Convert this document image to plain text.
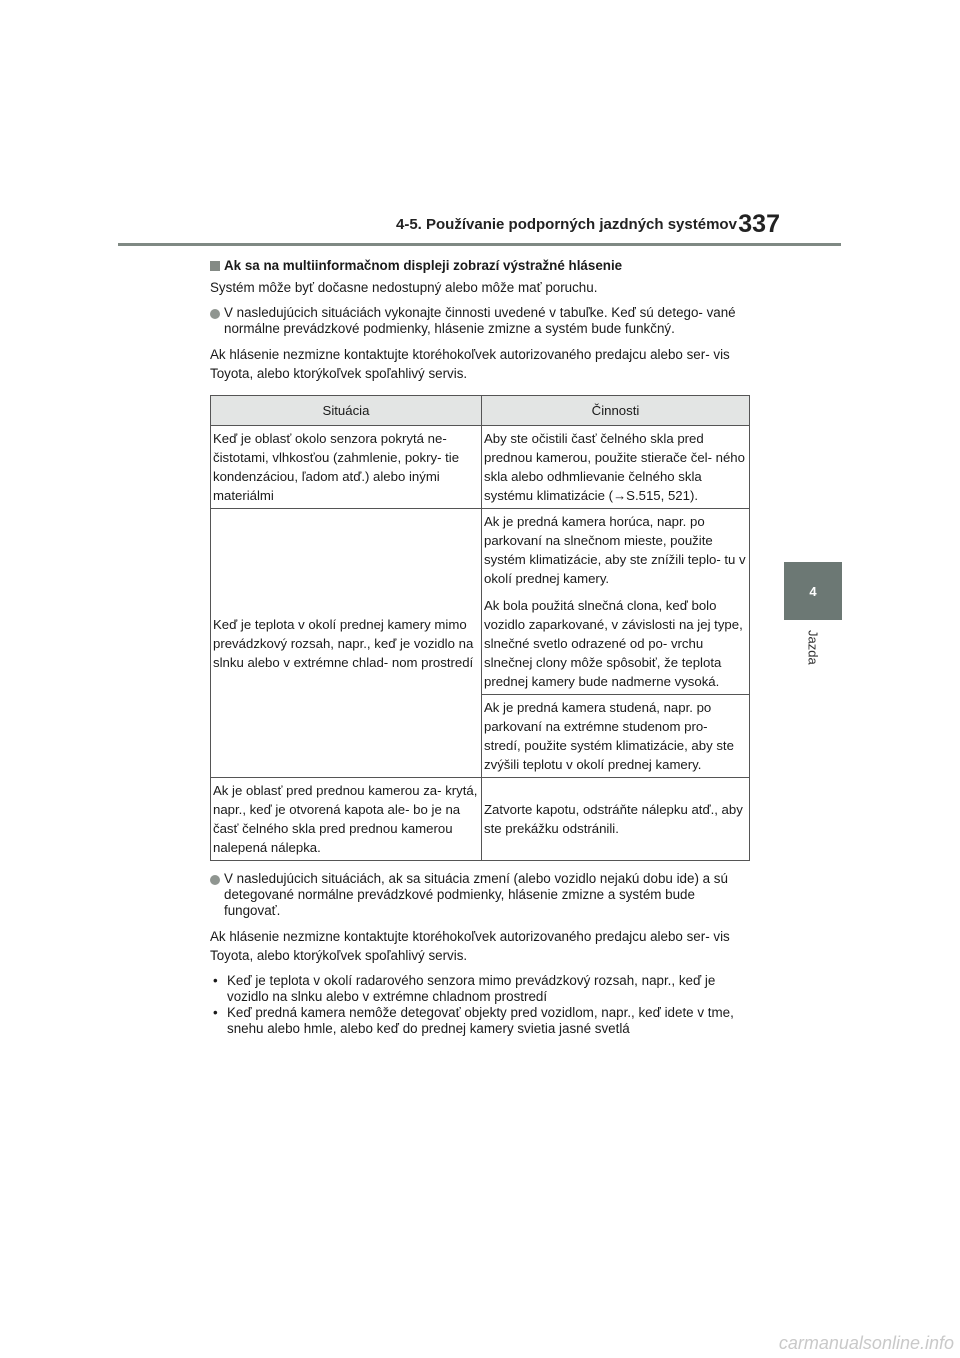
4-5. Používanie podporných jazdných systémov 337
4
Jazda
Ak sa na multiinformačnom displeji zobrazí výstražné hlásenie

Systém môže byť dočasne nedostupný alebo môže mať poruchu.

V nasledujúcich situáciách vykonajte činnosti uvedené v tabuľke. Keď sú detego- vané normálne prevádzkové podmienky, hlásenie zmizne a systém bude funkčný.

Ak hlásenie nezmizne kontaktujte ktoréhokoľvek autorizovaného predajcu alebo ser- vis Toyota, alebo ktorýkoľvek spoľahlivý servis.

Situácia	Činnosti
Keď je oblasť okolo senzora pokrytá ne- čistotami, vlhkosťou (zahmlenie, pokry- tie kondenzáciou, ľadom atď.) alebo inými materiálmi	Aby ste očistili časť čelného skla pred prednou kamerou, použite stierače čel- ného skla alebo odhmlievanie čelného skla systému klimatizácie (→S.515, 521).
Keď je teplota v okolí prednej kamery mimo prevádzkový rozsah, napr., keď je vozidlo na slnku alebo v extrémne chlad- nom prostredí	Ak je predná kamera horúca, napr. po parkovaní na slnečnom mieste, použite systém klimatizácie, aby ste znížili teplo- tu v okolí prednej kamery.

Ak bola použitá slnečná clona, keď bolo vozidlo zaparkované, v závislosti na jej type, slnečné svetlo odrazené od po- vrchu slnečnej clony môže spôsobiť, že teplota prednej kamery bude nadmerne vysoká.

	Ak je predná kamera studená, napr. po parkovaní na extrémne studenom pro- stredí, použite systém klimatizácie, aby ste zvýšili teplotu v okolí prednej kamery.
Ak je oblasť pred prednou kamerou za- krytá, napr., keď je otvorená kapota ale- bo je na časť čelného skla pred prednou kamerou nalepená nálepka.	Zatvorte kapotu, odstráňte nálepku atď., aby ste prekážku odstránili.
V nasledujúcich situáciách, ak sa situácia zmení (alebo vozidlo nejakú dobu ide) a sú detegované normálne prevádzkové podmienky, hlásenie zmizne a systém bude fungovať.

Ak hlásenie nezmizne kontaktujte ktoréhokoľvek autorizovaného predajcu alebo ser- vis Toyota, alebo ktorýkoľvek spoľahlivý servis.

• Keď je teplota v okolí radarového senzora mimo prevádzkový rozsah, napr., keď je vozidlo na slnku alebo v extrémne chladnom prostredí
• Keď predná kamera nemôže detegovať objekty pred vozidlom, napr., keď idete v tme, snehu alebo hmle, alebo keď do prednej kamery svietia jasné svetlá
carmanualsonline.info
